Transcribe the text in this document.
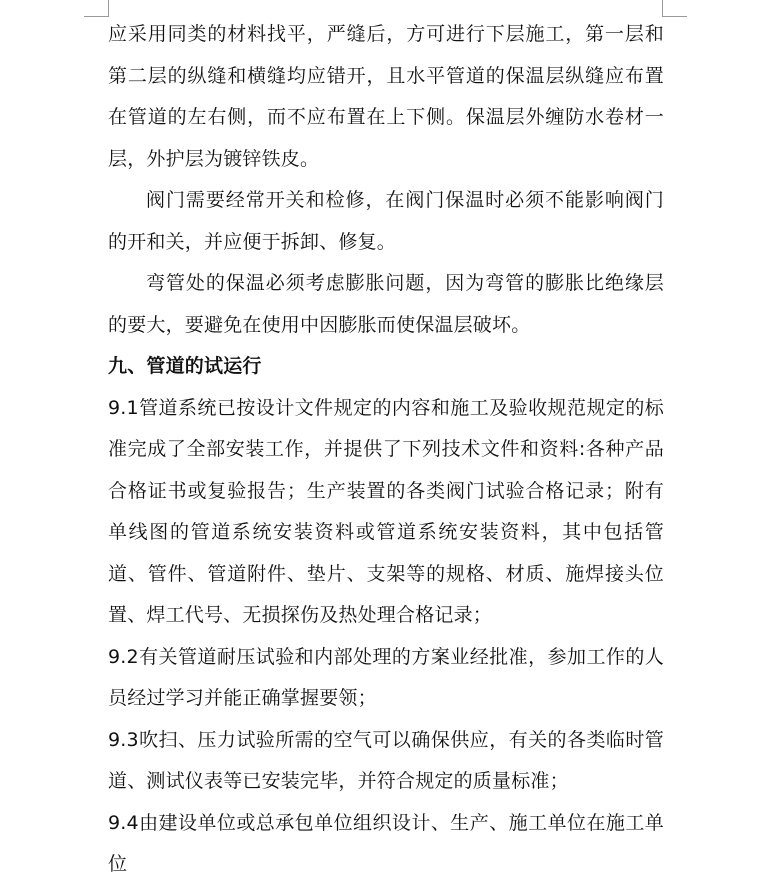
应采用同类的材料找平，严缝后，方可进行下层施工，第一层和第二层的纵缝和横缝均应错开，且水平管道的保温层纵缝应布置在管道的左右侧，而不应布置在上下侧。保温层外缠防水卷材一层，外护层为镀锌铁皮。

阀门需要经常开关和检修，在阀门保温时必须不能影响阀门的开和关，并应便于拆卸、修复。

弯管处的保温必须考虑膨胀问题，因为弯管的膨胀比绝缘层的要大，要避免在使用中因膨胀而使保温层破坏。

九、管道的试运行

9.1管道系统已按设计文件规定的内容和施工及验收规范规定的标准完成了全部安装工作，并提供了下列技术文件和资料:各种产品合格证书或复验报告；生产装置的各类阀门试验合格记录；附有单线图的管道系统安装资料或管道系统安装资料，其中包括管道、管件、管道附件、垫片、支架等的规格、材质、施焊接头位置、焊工代号、无损探伤及热处理合格记录；

9.2有关管道耐压试验和内部处理的方案业经批准，参加工作的人员经过学习并能正确掌握要领；

9.3吹扫、压力试验所需的空气可以确保供应，有关的各类临时管道、测试仪表等已安装完毕，并符合规定的质量标准；

9.4由建设单位或总承包单位组织设计、生产、施工单位在施工单位
